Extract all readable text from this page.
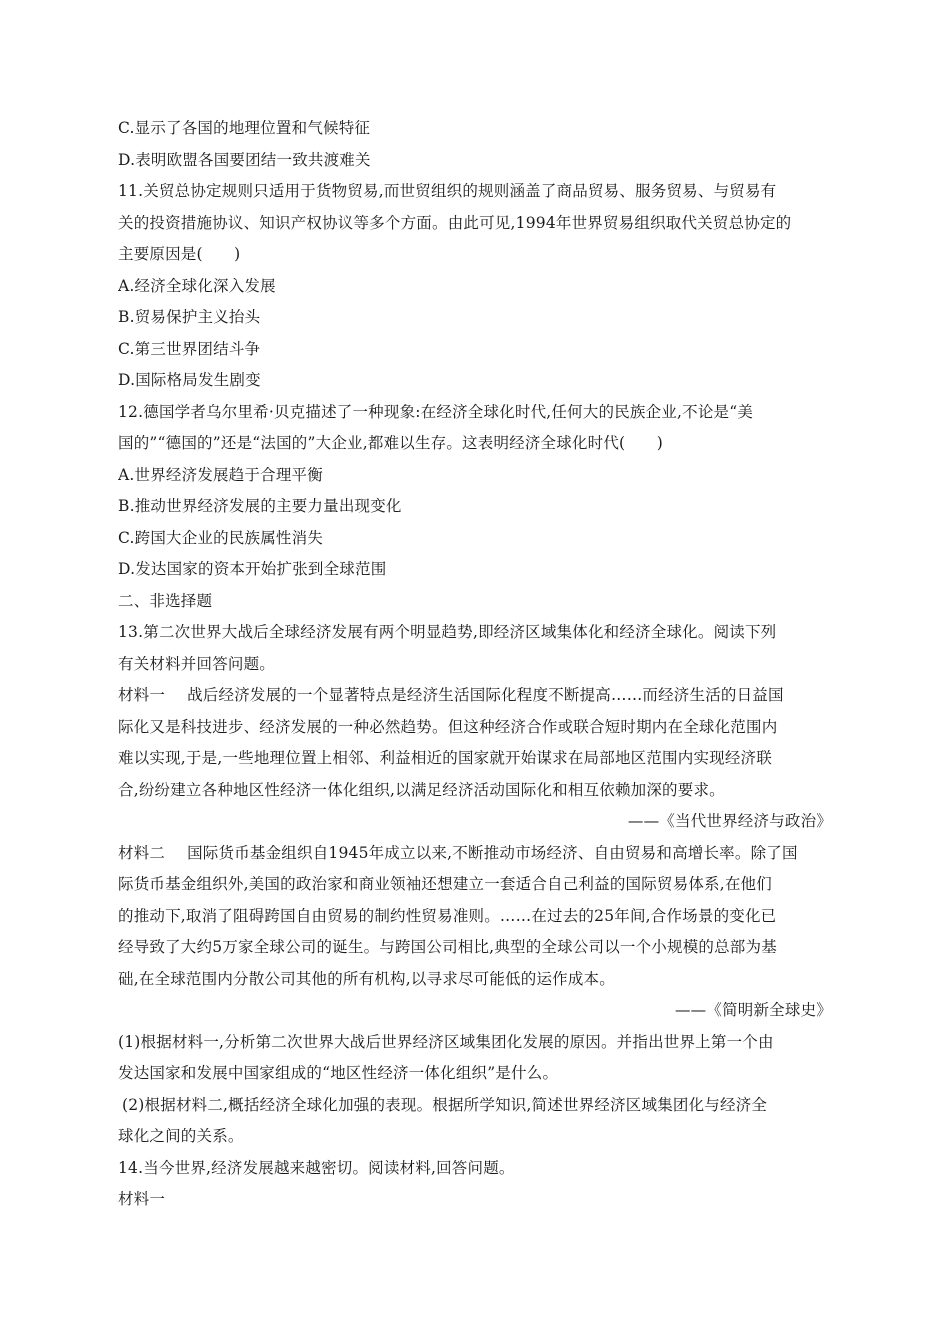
C.显示了各国的地理位置和气候特征
D.表明欧盟各国要团结一致共渡难关
11.关贸总协定规则只适用于货物贸易,而世贸组织的规则涵盖了商品贸易、服务贸易、与贸易有
关的投资措施协议、知识产权协议等多个方面。由此可见,1994年世界贸易组织取代关贸总协定的
主要原因是(　　)
A.经济全球化深入发展
B.贸易保护主义抬头
C.第三世界团结斗争
D.国际格局发生剧变
12.德国学者乌尔里希·贝克描述了一种现象:在经济全球化时代,任何大的民族企业,不论是“美
国的”“德国的”还是“法国的”大企业,都难以生存。这表明经济全球化时代(　　)
A.世界经济发展趋于合理平衡
B.推动世界经济发展的主要力量出现变化
C.跨国大企业的民族属性消失
D.发达国家的资本开始扩张到全球范围
二、非选择题
13.第二次世界大战后全球经济发展有两个明显趋势,即经济区域集体化和经济全球化。阅读下列
有关材料并回答问题。
材料一 战后经济发展的一个显著特点是经济生活国际化程度不断提高……而经济生活的日益国
际化又是科技进步、经济发展的一种必然趋势。但这种经济合作或联合短时期内在全球化范围内
难以实现,于是,一些地理位置上相邻、利益相近的国家就开始谋求在局部地区范围内实现经济联
合,纷纷建立各种地区性经济一体化组织,以满足经济活动国际化和相互依赖加深的要求。
——《当代世界经济与政治》
材料二 国际货币基金组织自1945年成立以来,不断推动市场经济、自由贸易和高增长率。除了国
际货币基金组织外,美国的政治家和商业领袖还想建立一套适合自己利益的国际贸易体系,在他们
的推动下,取消了阻碍跨国自由贸易的制约性贸易准则。……在过去的25年间,合作场景的变化已
经导致了大约5万家全球公司的诞生。与跨国公司相比,典型的全球公司以一个小规模的总部为基
础,在全球范围内分散公司其他的所有机构,以寻求尽可能低的运作成本。
——《简明新全球史》
(1)根据材料一,分析第二次世界大战后世界经济区域集团化发展的原因。并指出世界上第一个由
发达国家和发展中国家组成的“地区性经济一体化组织”是什么。
(2)根据材料二,概括经济全球化加强的表现。根据所学知识,简述世界经济区域集团化与经济全
球化之间的关系。
14.当今世界,经济发展越来越密切。阅读材料,回答问题。
材料一
